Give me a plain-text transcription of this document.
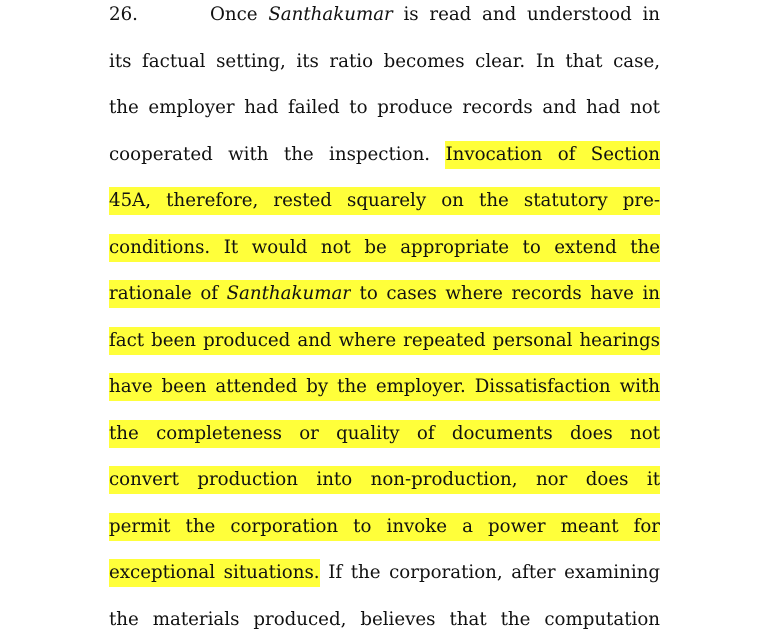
26.	Once Santhakumar is read and understood in
its factual setting, its ratio becomes clear. In that case,
the employer had failed to produce records and had not
cooperated with the inspection. Invocation of Section
45A, therefore, rested squarely on the statutory pre-
conditions. It would not be appropriate to extend the
rationale of Santhakumar to cases where records have in
fact been produced and where repeated personal hearings
have been attended by the employer. Dissatisfaction with
the completeness or quality of documents does not
convert production into non-production, nor does it
permit the corporation to invoke a power meant for
exceptional situations. If the corporation, after examining
the materials produced, believes that the computation
